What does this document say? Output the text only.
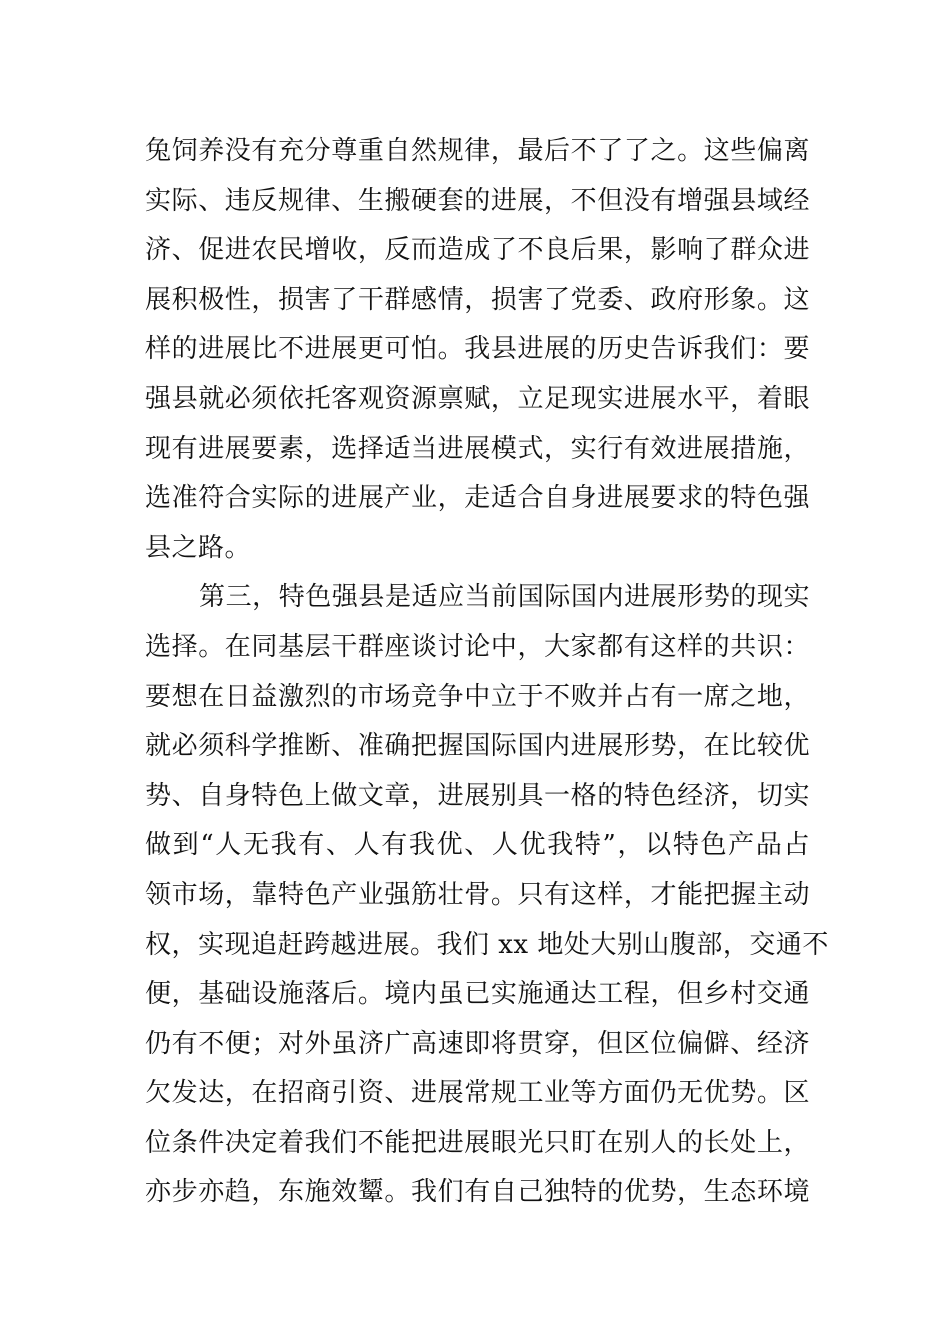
兔饲养没有充分尊重自然规律，最后不了了之。这些偏离
实际、违反规律、生搬硬套的进展，不但没有增强县域经
济、促进农民增收，反而造成了不良后果，影响了群众进
展积极性，损害了干群感情，损害了党委、政府形象。这
样的进展比不进展更可怕。我县进展的历史告诉我们：要
强县就必须依托客观资源禀赋，立足现实进展水平，着眼
现有进展要素，选择适当进展模式，实行有效进展措施，
选准符合实际的进展产业，走适合自身进展要求的特色强
县之路。
第三，特色强县是适应当前国际国内进展形势的现实
选择。在同基层干群座谈讨论中，大家都有这样的共识：
要想在日益激烈的市场竞争中立于不败并占有一席之地，
就必须科学推断、准确把握国际国内进展形势，在比较优
势、自身特色上做文章，进展别具一格的特色经济，切实
做到“人无我有、人有我优、人优我特”，以特色产品占
领市场，靠特色产业强筋壮骨。只有这样，才能把握主动
权，实现追赶跨越进展。我们 xx 地处大别山腹部，交通不
便，基础设施落后。境内虽已实施通达工程，但乡村交通
仍有不便；对外虽济广高速即将贯穿，但区位偏僻、经济
欠发达，在招商引资、进展常规工业等方面仍无优势。区
位条件决定着我们不能把进展眼光只盯在别人的长处上，
亦步亦趋，东施效颦。我们有自己独特的优势，生态环境
